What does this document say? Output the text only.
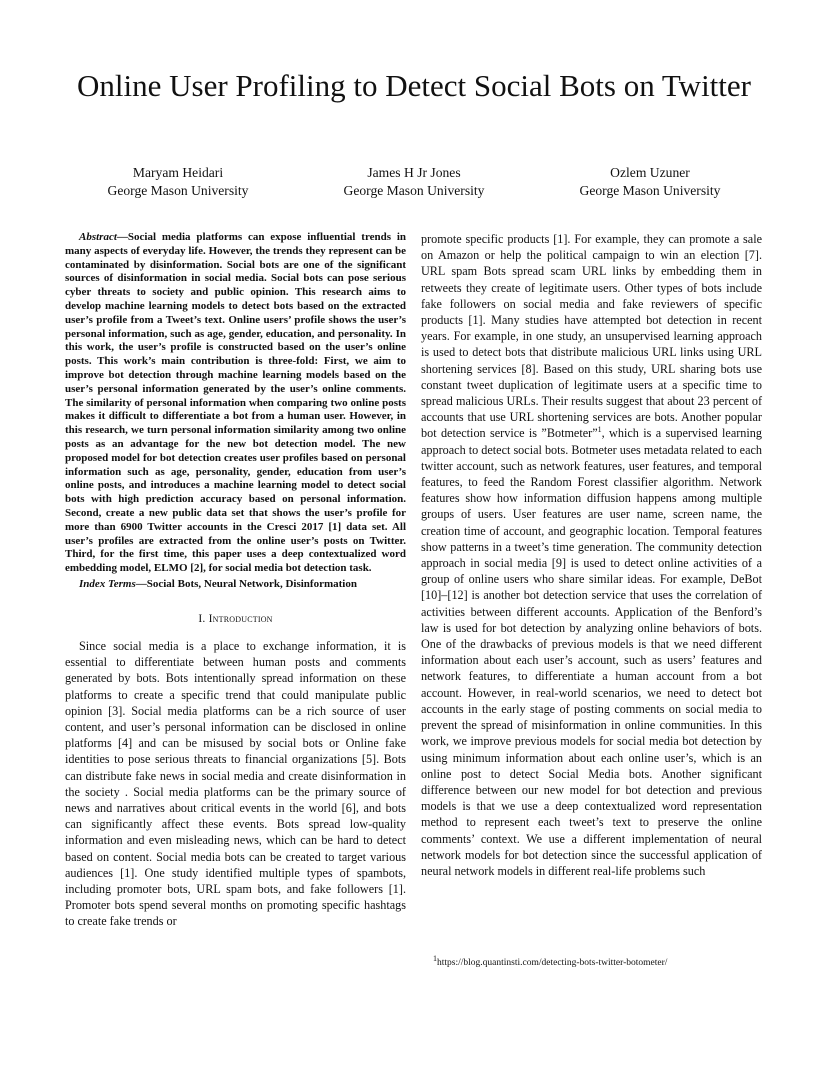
Online User Profiling to Detect Social Bots on Twitter
Maryam Heidari
George Mason University
James H Jr Jones
George Mason University
Ozlem Uzuner
George Mason University

Abstract—Social media platforms can expose influential trends in many aspects of everyday life. However, the trends they represent can be contaminated by disinformation. Social bots are one of the significant sources of disinformation in social media. Social bots can pose serious cyber threats to society and public opinion. This research aims to develop machine learning models to detect bots based on the extracted user’s profile from a Tweet’s text. Online users’ profile shows the user’s personal information, such as age, gender, education, and personality. In this work, the user’s profile is constructed based on the user’s online posts. This work’s main contribution is three-fold: First, we aim to improve bot detection through machine learning models based on the user’s personal information generated by the user’s online comments. The similarity of personal information when comparing two online posts makes it difficult to differentiate a bot from a human user. However, in this research, we turn personal information similarity among two online posts as an advantage for the new bot detection model. The new proposed model for bot detection creates user profiles based on personal information such as age, personality, gender, education from user’s online posts, and introduces a machine learning model to detect social bots with high prediction accuracy based on personal information. Second, create a new public data set that shows the user’s profile for more than 6900 Twitter accounts in the Cresci 2017 [1] data set. All user’s profiles are extracted from the online user’s posts on Twitter. Third, for the first time, this paper uses a deep contextualized word embedding model, ELMO [2], for social media bot detection task.

Index Terms—Social Bots, Neural Network, Disinformation

I. Introduction

Since social media is a place to exchange information, it is essential to differentiate between human posts and comments generated by bots. Bots intentionally spread information on these platforms to create a specific trend that could manipulate public opinion [3]. Social media platforms can be a rich source of user content, and user’s personal information can be disclosed in online platforms [4] and can be misused by social bots or Online fake identities to pose serious threats to financial organizations [5]. Bots can distribute fake news in social media and create disinformation in the society . Social media platforms can be the primary source of news and narratives about critical events in the world [6], and bots can significantly affect these events. Bots spread low-quality information and even misleading news, which can be hard to detect based on content. Social media bots can be created to target various audiences [1]. One study identified multiple types of spambots, including promoter bots, URL spam bots, and fake followers [1]. Promoter bots spend several months on promoting specific hashtags to create fake trends or

promote specific products [1]. For example, they can promote a sale on Amazon or help the political campaign to win an election [7]. URL spam Bots spread scam URL links by embedding them in retweets they create of legitimate users. Other types of bots include fake followers on social media and fake reviewers of specific products [1]. Many studies have attempted bot detection in recent years. For example, in one study, an unsupervised learning approach is used to detect bots that distribute malicious URL links using URL shortening services [8]. Based on this study, URL sharing bots use constant tweet duplication of legitimate users at a specific time to spread malicious URLs. Their results suggest that about 23 percent of accounts that use URL shortening services are bots. Another popular bot detection service is ”Botmeter”$^1$, which is a supervised learning approach to detect social bots. Botmeter uses metadata related to each twitter account, such as network features, user features, and temporal features, to feed the Random Forest classifier algorithm. Network features show how information diffusion happens among multiple groups of users. User features are user name, screen name, the creation time of account, and geographic location. Temporal features show patterns in a tweet’s time generation. The community detection approach in social media [9] is used to detect online activities of a group of online users who share similar ideas. For example, DeBot [10]–[12] is another bot detection service that uses the correlation of activities between different accounts. Application of the Benford’s law is used for bot detection by analyzing online behaviors of bots. One of the drawbacks of previous models is that we need different information about each user’s account, such as users’ features and network features, to differentiate a human account from a bot account. However, in real-world scenarios, we need to detect bot accounts in the early stage of posting comments on social media to prevent the spread of misinformation in online communities. In this work, we improve previous models for social media bot detection by using minimum information about each online user’s, which is an online post to detect Social Media bots. Another significant difference between our new model for bot detection and previous models is that we use a deep contextualized word representation method to represent each tweet’s text to preserve the online comments’ context. We use a different implementation of neural network models for bot detection since the successful application of neural network models in different real-life problems such

$^1$https://blog.quantinsti.com/detecting-bots-twitter-botometer/
